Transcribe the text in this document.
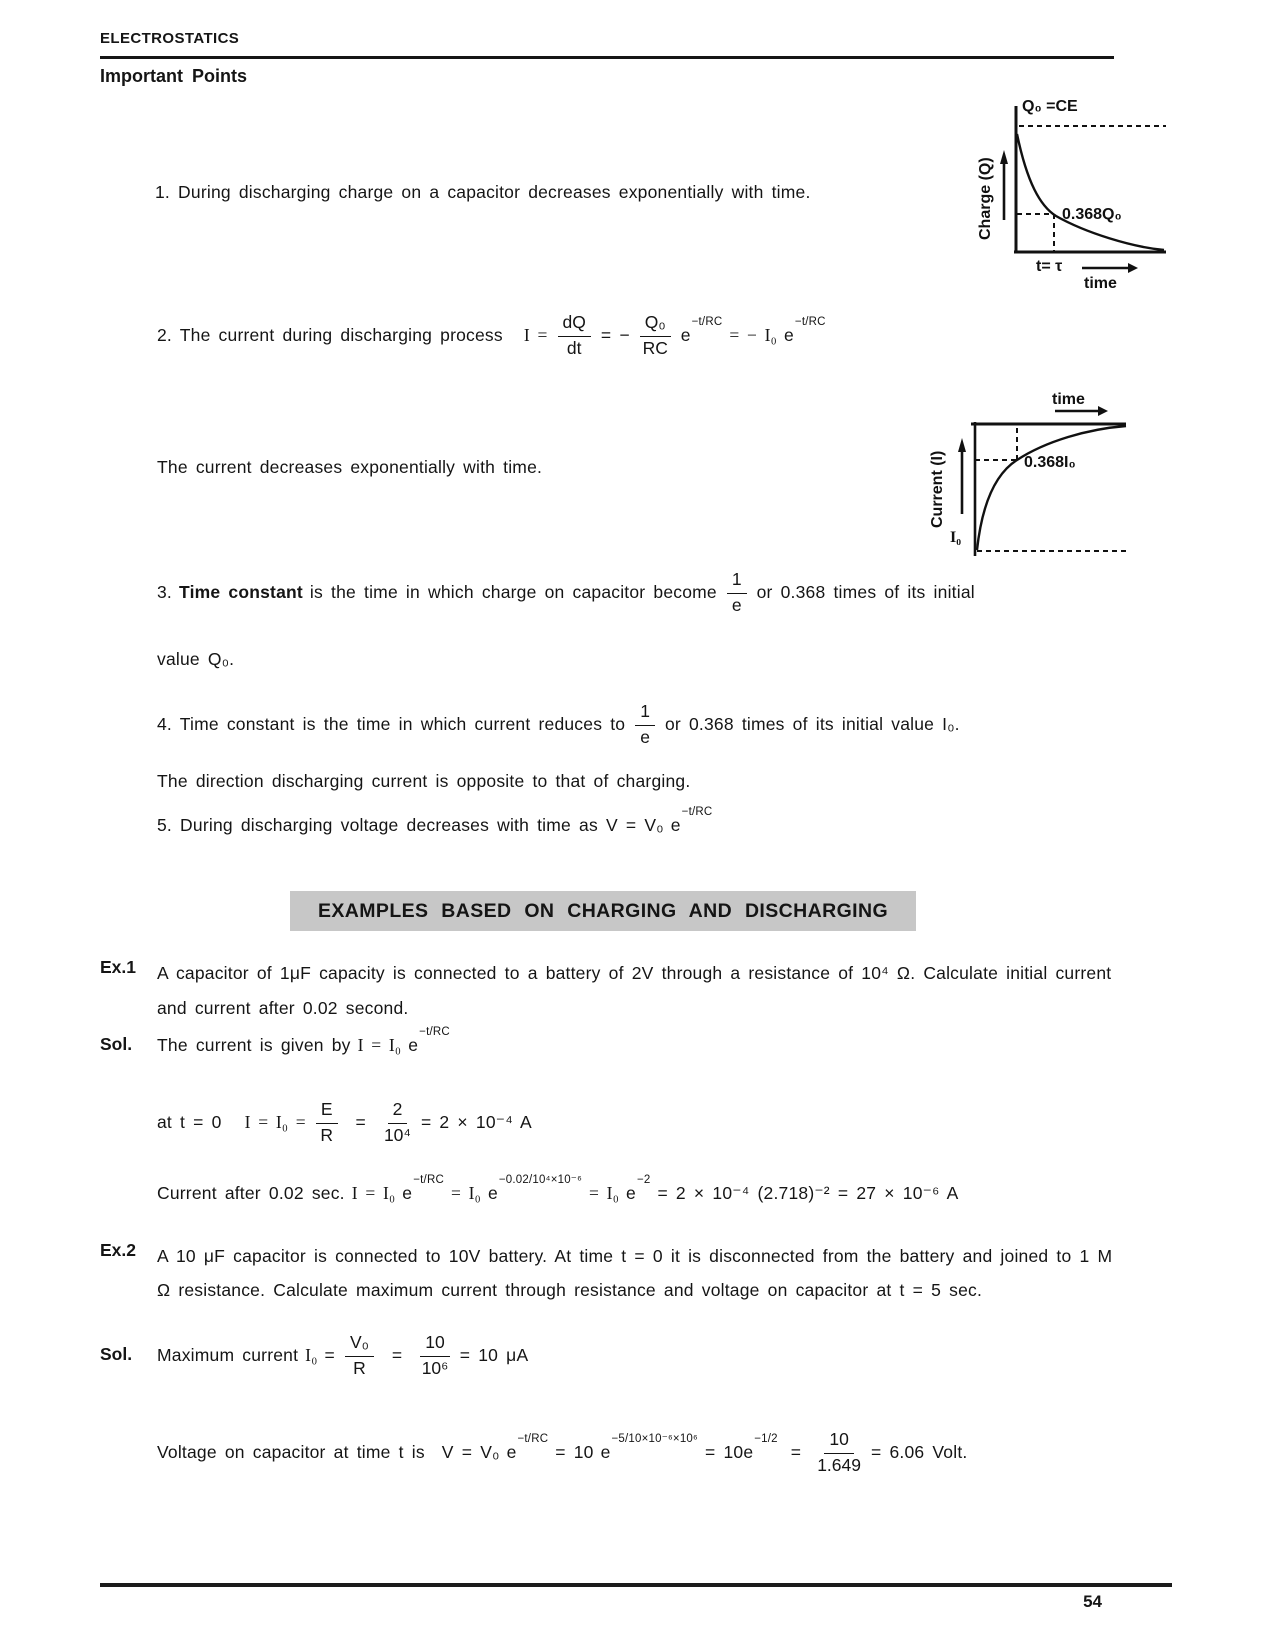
ELECTROSTATICS
Important Points
1. During discharging charge on a capacitor decreases exponentially with time.	Charge (Q)
Q₀ =CE
0.368Q₀
t= τ
time
2. The current during discharging process $I = \frac{dQ}{dt}$ = − $\frac{\text{Q₀}}{RC} e^{-t/RC}$
= − I₀ $e^{-t/RC}$
time
Current (I)	0.368I₀
I₀
The current decreases exponentially with time.
3. Time constant is the time in which charge on capacitor become $\frac{1}{e}$ or 0.368 times of its initial
value Q₀.
4. Time constant is the time in which current reduces to $\frac{1}{e}$ or 0.368 times of its initial value I₀.
The direction discharging current is opposite to that of charging.
5. During discharging voltage decreases with time as V = V₀ $e^{-t/RC}$
EXAMPLES BASED ON CHARGING AND DISCHARGING
Ex.1 A capacitor of 1μF capacity is connected to a battery of 2V through a resistance of 10⁴ Ω. Calculate initial current and current after 0.02 second.
Sol. The current is given by I = I₀ $e^{-t/RC}$
at t = 0 $I = I_0 = \frac{E}{R} = \frac{2}{\text{10⁴}} = 2 \times 10^{-4}$ A
Current after 0.02 sec. I = I₀ $e^{-t/RC}$
= I₀ $e^{-0.02/10^4\times 10^{-6}}$
= I₀ $e^{-2}$
= 2 × 10⁻⁴ (2.718)⁻² = 27 × 10⁻⁶ A
Ex.2 A 10 μF capacitor is connected to 10V battery. At time t = 0 it is disconnected from the battery and joined to 1 M Ω resistance. Calculate maximum current through resistance and voltage on capacitor at t = 5 sec.
Sol. Maximum current $I_0 = \frac{\text{V₀}}{R} = \frac{10}{\text{10⁶}} = 10$ μA
Voltage on capacitor at time t is V = V₀ $e^{-t/RC}$
= 10 $e^{-5/10\times 10^{-6}\times 10^6}$
= $10e^{-1/2}$
= $\frac{10}{1.649} = 6.06$ Volt.
54
